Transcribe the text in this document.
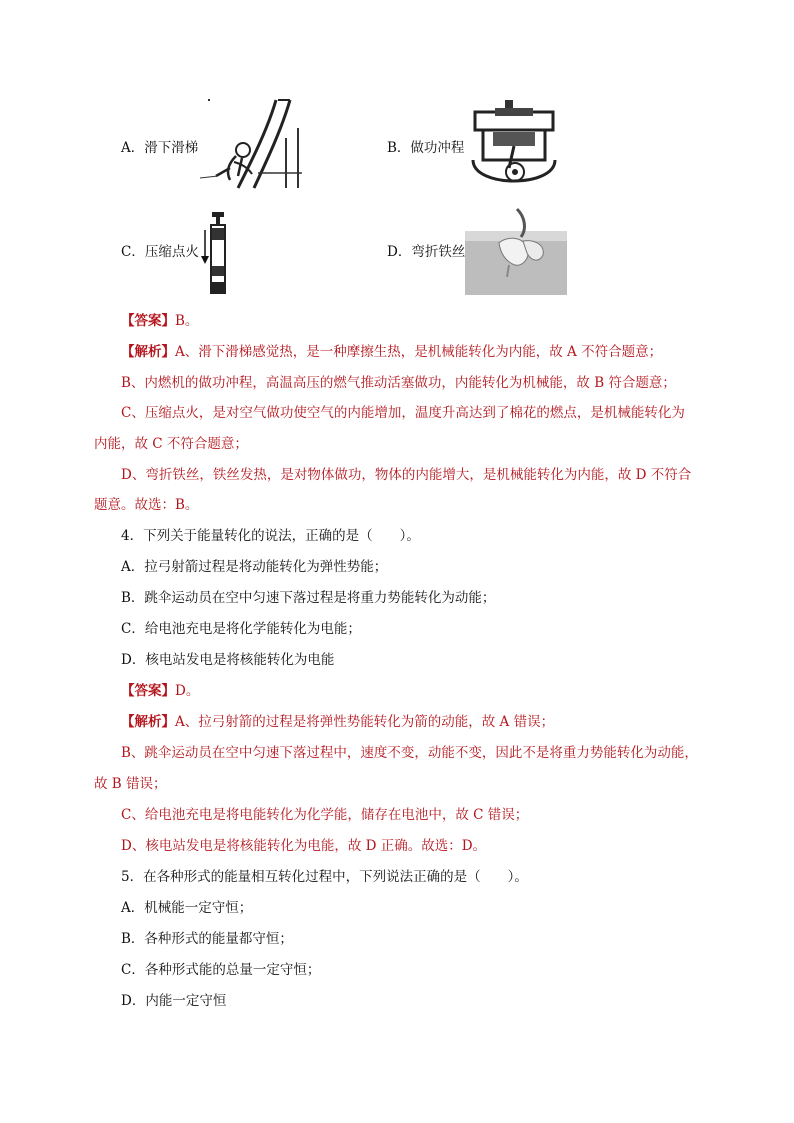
A．滑下滑梯	B．做功冲程
C．压缩点火	D．弯折铁丝
【答案】B。
【解析】A、滑下滑梯感觉热，是一种摩擦生热，是机械能转化为内能，故 A 不符合题意；
B、内燃机的做功冲程，高温高压的燃气推动活塞做功，内能转化为机械能，故 B 符合题意；
C、压缩点火，是对空气做功使空气的内能增加，温度升高达到了棉花的燃点，是机械能转化为
内能，故 C 不符合题意；
D、弯折铁丝，铁丝发热，是对物体做功，物体的内能增大，是机械能转化为内能，故 D 不符合
题意。故选：B。
4．下列关于能量转化的说法，正确的是（　　）。
A．拉弓射箭过程是将动能转化为弹性势能；
B．跳伞运动员在空中匀速下落过程是将重力势能转化为动能；
C．给电池充电是将化学能转化为电能；
D．核电站发电是将核能转化为电能
【答案】D。
【解析】A、拉弓射箭的过程是将弹性势能转化为箭的动能，故 A 错误；
B、跳伞运动员在空中匀速下落过程中，速度不变，动能不变，因此不是将重力势能转化为动能，
故 B 错误；
C、给电池充电是将电能转化为化学能，储存在电池中，故 C 错误；
D、核电站发电是将核能转化为电能，故 D 正确。故选：D。
5．在各种形式的能量相互转化过程中，下列说法正确的是（　　）。
A．机械能一定守恒；
B．各种形式的能量都守恒；
C．各种形式能的总量一定守恒；
D．内能一定守恒
